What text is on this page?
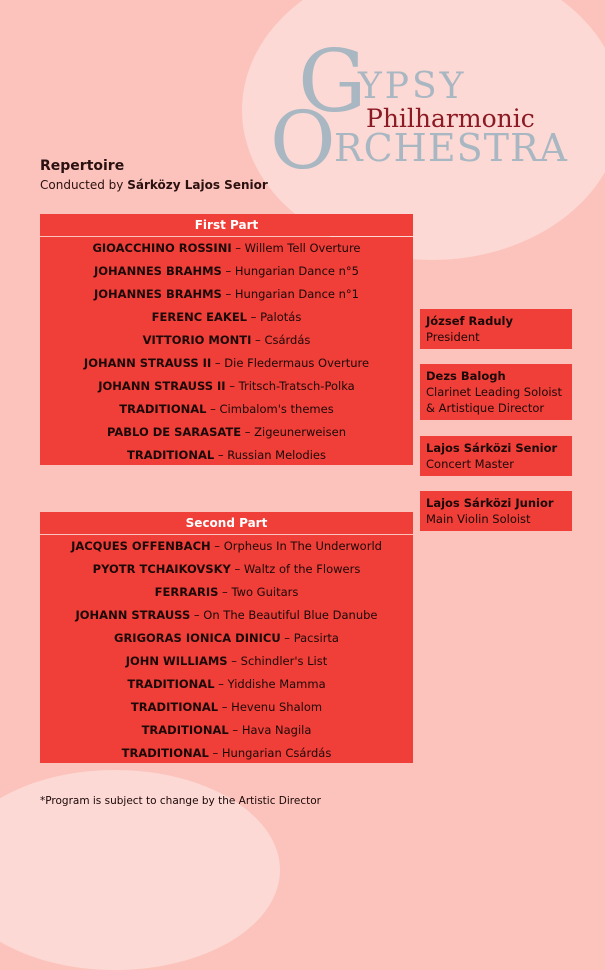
G
YPSY
O
RCHESTRA
Philharmonic
Repertoire
Conducted by Sárközy Lajos Senior
First Part
GIOACCHINO ROSSINI – Willem Tell Overture
JOHANNES BRAHMS – Hungarian Dance n°5
JOHANNES BRAHMS – Hungarian Dance n°1
FERENC EAKEL – Palotás
VITTORIO MONTI – Csárdás
JOHANN STRAUSS II – Die Fledermaus Overture
JOHANN STRAUSS II – Tritsch-Tratsch-Polka
TRADITIONAL – Cimbalom's themes
PABLO DE SARASATE – Zigeunerweisen
TRADITIONAL – Russian Melodies
Second Part
JACQUES OFFENBACH – Orpheus In The Underworld
PYOTR TCHAIKOVSKY – Waltz of the Flowers
FERRARIS – Two Guitars
JOHANN STRAUSS – On The Beautiful Blue Danube
GRIGORAS IONICA DINICU – Pacsirta
JOHN WILLIAMS – Schindler's List
TRADITIONAL – Yiddishe Mamma
TRADITIONAL – Hevenu Shalom
TRADITIONAL – Hava Nagila
TRADITIONAL – Hungarian Csárdás
József Raduly
President
Dezs Balogh
Clarinet Leading Soloist
& Artistique Director
Lajos Sárközi Senior
Concert Master
Lajos Sárközi Junior
Main Violin Soloist
*Program is subject to change by the Artistic Director
